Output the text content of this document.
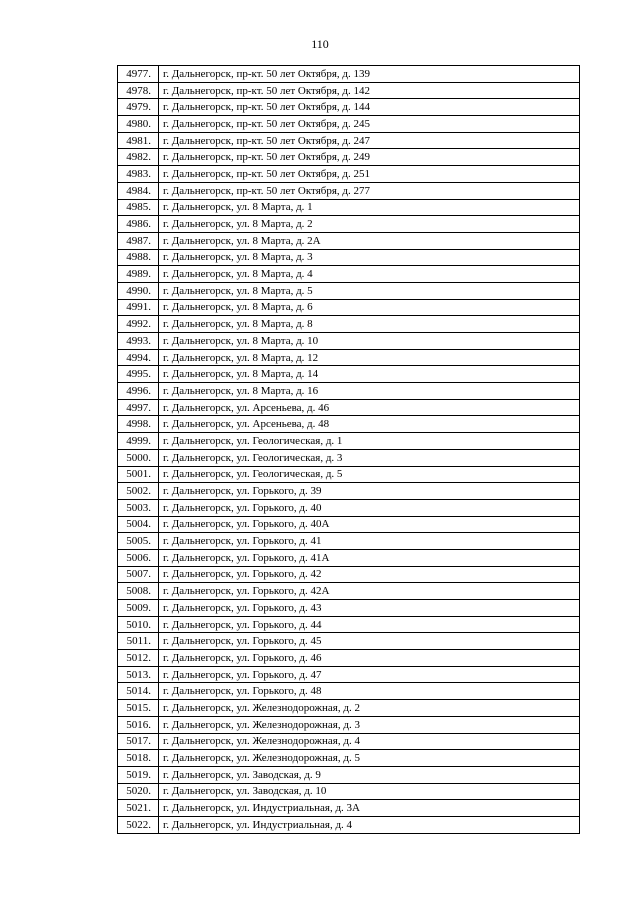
110
4977.	г. Дальнегорск, пр-кт. 50 лет Октября, д. 139
4978.	г. Дальнегорск, пр-кт. 50 лет Октября, д. 142
4979.	г. Дальнегорск, пр-кт. 50 лет Октября, д. 144
4980.	г. Дальнегорск, пр-кт. 50 лет Октября, д. 245
4981.	г. Дальнегорск, пр-кт. 50 лет Октября, д. 247
4982.	г. Дальнегорск, пр-кт. 50 лет Октября, д. 249
4983.	г. Дальнегорск, пр-кт. 50 лет Октября, д. 251
4984.	г. Дальнегорск, пр-кт. 50 лет Октября, д. 277
4985.	г. Дальнегорск, ул. 8 Марта, д. 1
4986.	г. Дальнегорск, ул. 8 Марта, д. 2
4987.	г. Дальнегорск, ул. 8 Марта, д. 2А
4988.	г. Дальнегорск, ул. 8 Марта, д. 3
4989.	г. Дальнегорск, ул. 8 Марта, д. 4
4990.	г. Дальнегорск, ул. 8 Марта, д. 5
4991.	г. Дальнегорск, ул. 8 Марта, д. 6
4992.	г. Дальнегорск, ул. 8 Марта, д. 8
4993.	г. Дальнегорск, ул. 8 Марта, д. 10
4994.	г. Дальнегорск, ул. 8 Марта, д. 12
4995.	г. Дальнегорск, ул. 8 Марта, д. 14
4996.	г. Дальнегорск, ул. 8 Марта, д. 16
4997.	г. Дальнегорск, ул. Арсеньева, д. 46
4998.	г. Дальнегорск, ул. Арсеньева, д. 48
4999.	г. Дальнегорск, ул. Геологическая, д. 1
5000.	г. Дальнегорск, ул. Геологическая, д. 3
5001.	г. Дальнегорск, ул. Геологическая, д. 5
5002.	г. Дальнегорск, ул. Горького, д. 39
5003.	г. Дальнегорск, ул. Горького, д. 40
5004.	г. Дальнегорск, ул. Горького, д. 40А
5005.	г. Дальнегорск, ул. Горького, д. 41
5006.	г. Дальнегорск, ул. Горького, д. 41А
5007.	г. Дальнегорск, ул. Горького, д. 42
5008.	г. Дальнегорск, ул. Горького, д. 42А
5009.	г. Дальнегорск, ул. Горького, д. 43
5010.	г. Дальнегорск, ул. Горького, д. 44
5011.	г. Дальнегорск, ул. Горького, д. 45
5012.	г. Дальнегорск, ул. Горького, д. 46
5013.	г. Дальнегорск, ул. Горького, д. 47
5014.	г. Дальнегорск, ул. Горького, д. 48
5015.	г. Дальнегорск, ул. Железнодорожная, д. 2
5016.	г. Дальнегорск, ул. Железнодорожная, д. 3
5017.	г. Дальнегорск, ул. Железнодорожная, д. 4
5018.	г. Дальнегорск, ул. Железнодорожная, д. 5
5019.	г. Дальнегорск, ул. Заводская, д. 9
5020.	г. Дальнегорск, ул. Заводская, д. 10
5021.	г. Дальнегорск, ул. Индустриальная, д. 3А
5022.	г. Дальнегорск, ул. Индустриальная, д. 4
